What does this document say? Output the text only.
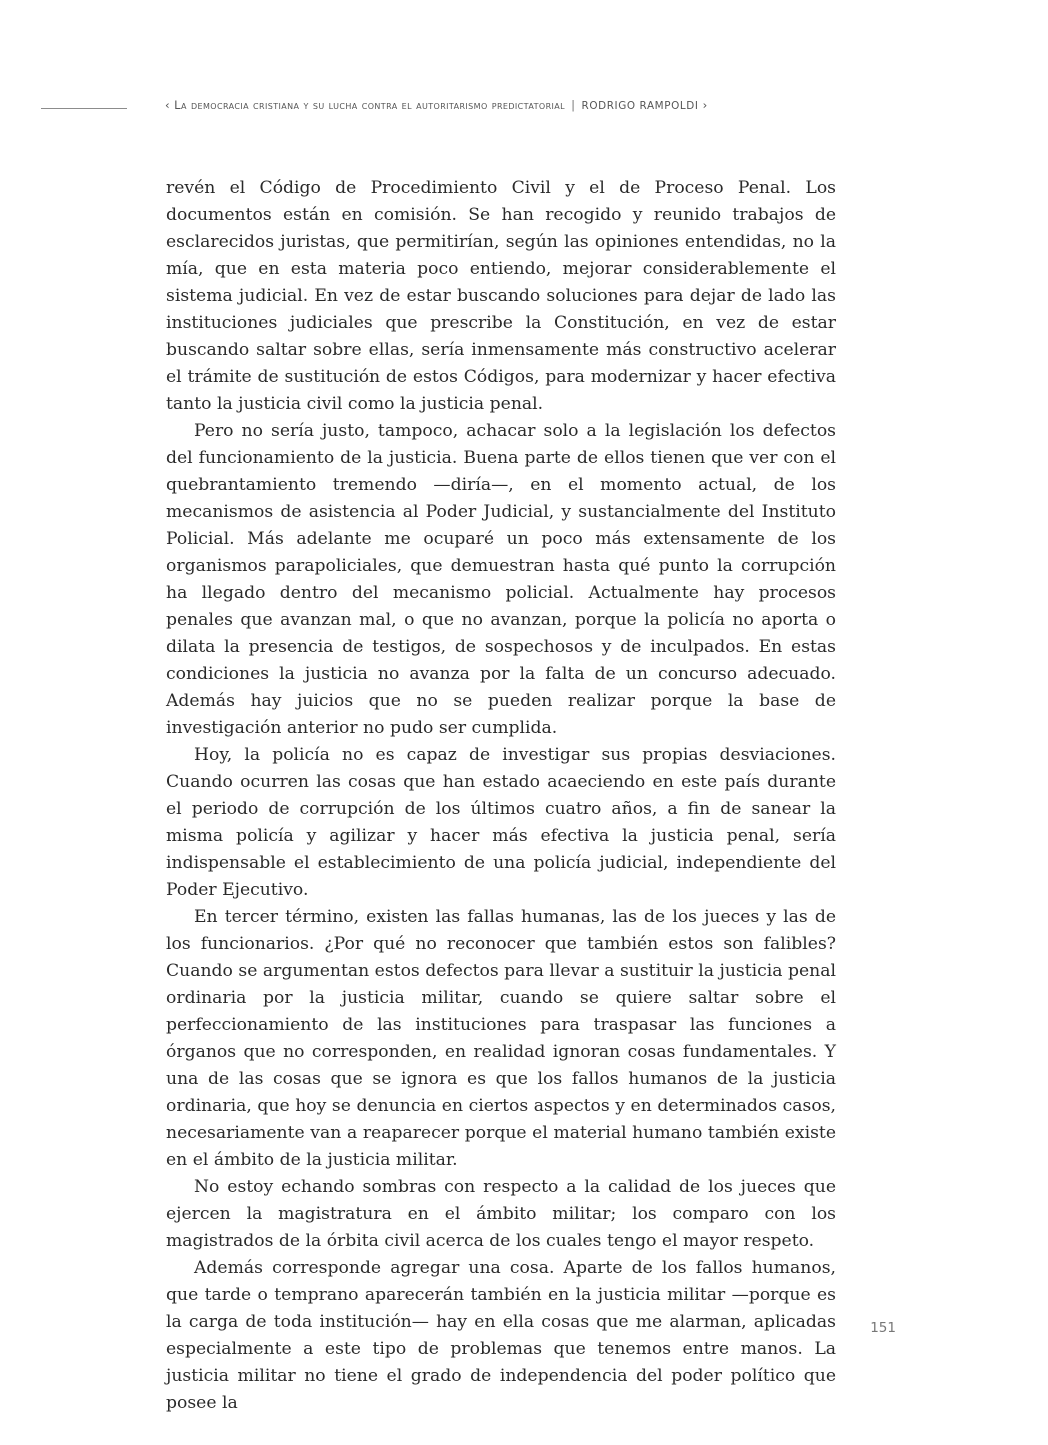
‹ La democracia cristiana y su lucha contra el autoritarismo predictatorial | RODRIGO RAMPOLDI ›

revén el Código de Procedimiento Civil y el de Proceso Penal. Los documentos están en comisión. Se han recogido y reunido trabajos de esclarecidos juristas, que permitirían, según las opiniones entendidas, no la mía, que en esta materia poco entiendo, mejorar considerablemente el sistema judicial. En vez de estar buscando soluciones para dejar de lado las instituciones judiciales que prescribe la Constitución, en vez de estar buscando saltar sobre ellas, sería inmensamente más constructivo acelerar el trámite de sustitución de estos Códigos, para modernizar y hacer efectiva tanto la justicia civil como la justicia penal.

Pero no sería justo, tampoco, achacar solo a la legislación los defectos del funcionamiento de la justicia. Buena parte de ellos tienen que ver con el quebrantamiento tremendo —diría—, en el momento actual, de los mecanismos de asistencia al Poder Judicial, y sustancialmente del Instituto Policial. Más adelante me ocuparé un poco más extensamente de los organismos parapoliciales, que demuestran hasta qué punto la corrupción ha llegado dentro del mecanismo policial. Actualmente hay procesos penales que avanzan mal, o que no avanzan, porque la policía no aporta o dilata la presencia de testigos, de sospechosos y de inculpados. En estas condiciones la justicia no avanza por la falta de un concurso adecuado. Además hay juicios que no se pueden realizar porque la base de investigación anterior no pudo ser cumplida.

Hoy, la policía no es capaz de investigar sus propias desviaciones. Cuando ocurren las cosas que han estado acaeciendo en este país durante el periodo de corrupción de los últimos cuatro años, a fin de sanear la misma policía y agilizar y hacer más efectiva la justicia penal, sería indispensable el establecimiento de una policía judicial, independiente del Poder Ejecutivo.

En tercer término, existen las fallas humanas, las de los jueces y las de los funcionarios. ¿Por qué no reconocer que también estos son falibles? Cuando se argumentan estos defectos para llevar a sustituir la justicia penal ordinaria por la justicia militar, cuando se quiere saltar sobre el perfeccionamiento de las instituciones para traspasar las funciones a órganos que no corresponden, en realidad ignoran cosas fundamentales. Y una de las cosas que se ignora es que los fallos humanos de la justicia ordinaria, que hoy se denuncia en ciertos aspectos y en determinados casos, necesariamente van a reaparecer porque el material humano también existe en el ámbito de la justicia militar.

No estoy echando sombras con respecto a la calidad de los jueces que ejercen la magistratura en el ámbito militar; los comparo con los magistrados de la órbita civil acerca de los cuales tengo el mayor respeto.

Además corresponde agregar una cosa. Aparte de los fallos humanos, que tarde o temprano aparecerán también en la justicia militar —porque es la carga de toda institución— hay en ella cosas que me alarman, aplicadas especialmente a este tipo de problemas que tenemos entre manos. La justicia militar no tiene el grado de independencia del poder político que posee la

151
